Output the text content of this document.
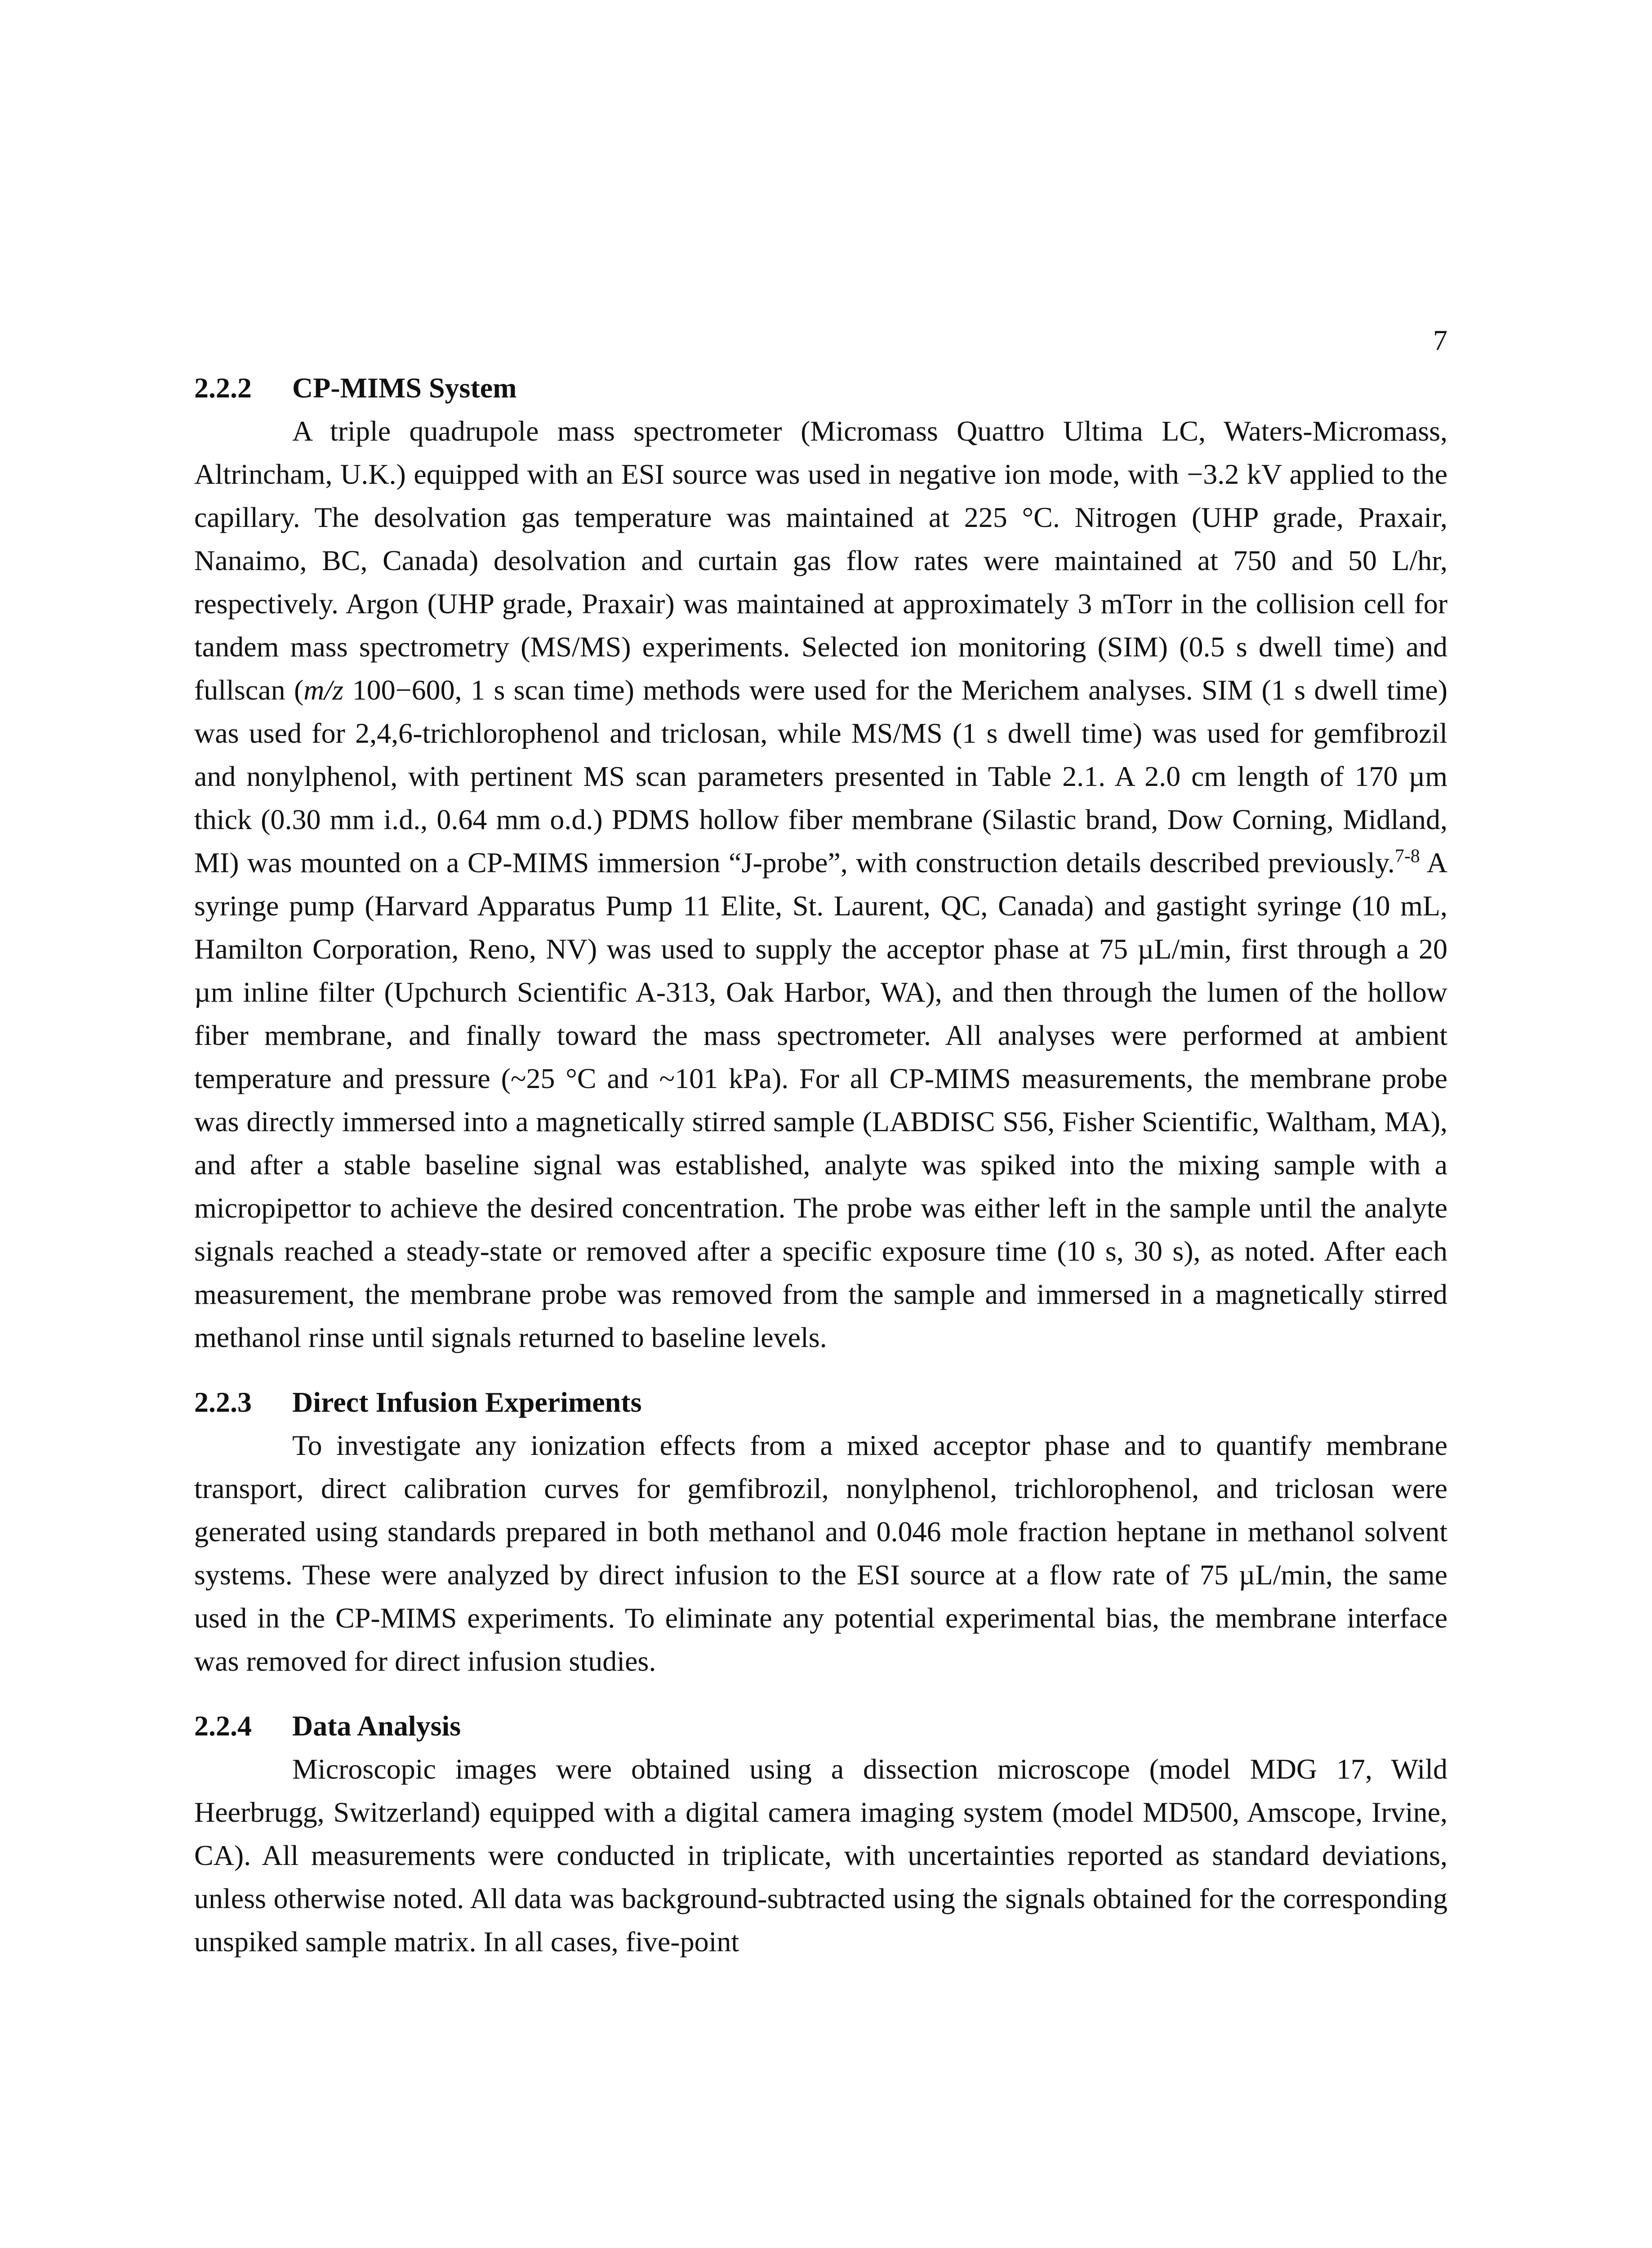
7
2.2.2 CP-MIMS System

A triple quadrupole mass spectrometer (Micromass Quattro Ultima LC, Waters-Micromass, Altrincham, U.K.) equipped with an ESI source was used in negative ion mode, with −3.2 kV applied to the capillary. The desolvation gas temperature was maintained at 225 °C. Nitrogen (UHP grade, Praxair, Nanaimo, BC, Canada) desolvation and curtain gas flow rates were maintained at 750 and 50 L/hr, respectively. Argon (UHP grade, Praxair) was maintained at approximately 3 mTorr in the collision cell for tandem mass spectrometry (MS/MS) experiments. Selected ion monitoring (SIM) (0.5 s dwell time) and fullscan (m/z 100−600, 1 s scan time) methods were used for the Merichem analyses. SIM (1 s dwell time) was used for 2,4,6-trichlorophenol and triclosan, while MS/MS (1 s dwell time) was used for gemfibrozil and nonylphenol, with pertinent MS scan parameters presented in Table 2.1. A 2.0 cm length of 170 µm thick (0.30 mm i.d., 0.64 mm o.d.) PDMS hollow fiber membrane (Silastic brand, Dow Corning, Midland, MI) was mounted on a CP-MIMS immersion “J-probe”, with construction details described previously.$^{7-8}$ A syringe pump (Harvard Apparatus Pump 11 Elite, St. Laurent, QC, Canada) and gastight syringe (10 mL, Hamilton Corporation, Reno, NV) was used to supply the acceptor phase at 75 µL/min, first through a 20 µm inline filter (Upchurch Scientific A-313, Oak Harbor, WA), and then through the lumen of the hollow fiber membrane, and finally toward the mass spectrometer. All analyses were performed at ambient temperature and pressure (~25 °C and ~101 kPa). For all CP-MIMS measurements, the membrane probe was directly immersed into a magnetically stirred sample (LABDISC S56, Fisher Scientific, Waltham, MA), and after a stable baseline signal was established, analyte was spiked into the mixing sample with a micropipettor to achieve the desired concentration. The probe was either left in the sample until the analyte signals reached a steady-state or removed after a specific exposure time (10 s, 30 s), as noted. After each measurement, the membrane probe was removed from the sample and immersed in a magnetically stirred methanol rinse until signals returned to baseline levels.

2.2.3 Direct Infusion Experiments

To investigate any ionization effects from a mixed acceptor phase and to quantify membrane transport, direct calibration curves for gemfibrozil, nonylphenol, trichlorophenol, and triclosan were generated using standards prepared in both methanol and 0.046 mole fraction heptane in methanol solvent systems. These were analyzed by direct infusion to the ESI source at a flow rate of 75 µL/min, the same used in the CP-MIMS experiments. To eliminate any potential experimental bias, the membrane interface was removed for direct infusion studies.

2.2.4 Data Analysis

Microscopic images were obtained using a dissection microscope (model MDG 17, Wild Heerbrugg, Switzerland) equipped with a digital camera imaging system (model MD500, Amscope, Irvine, CA). All measurements were conducted in triplicate, with uncertainties reported as standard deviations, unless otherwise noted. All data was background-subtracted using the signals obtained for the corresponding unspiked sample matrix. In all cases, five-point
